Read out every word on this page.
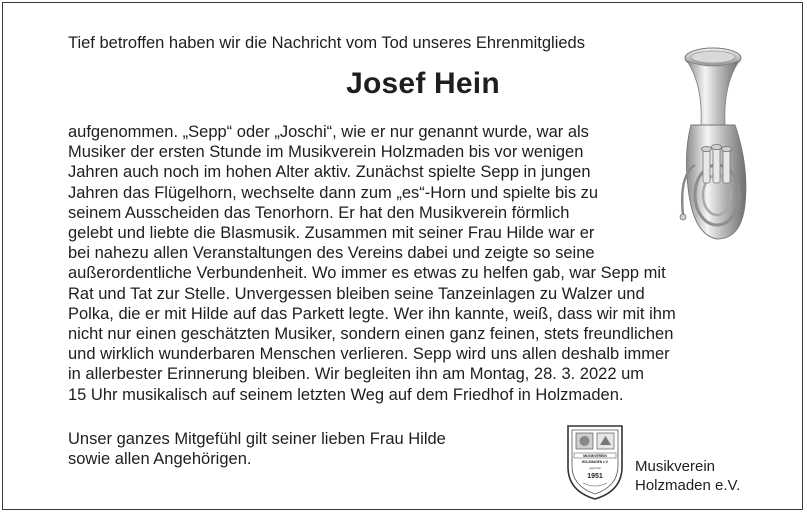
Tief betroffen haben wir die Nachricht vom Tod unseres Ehrenmitglieds
Josef Hein
aufgenommen. „Sepp“ oder „Joschi“, wie er nur genannt wurde, war als
Musiker der ersten Stunde im Musikverein Holzmaden bis vor wenigen
Jahren auch noch im hohen Alter aktiv. Zunächst spielte Sepp in jungen
Jahren das Flügelhorn, wechselte dann zum „es“-Horn und spielte bis zu
seinem Ausscheiden das Tenorhorn. Er hat den Musikverein förmlich
gelebt und liebte die Blasmusik. Zusammen mit seiner Frau Hilde war er
bei nahezu allen Veranstaltungen des Vereins dabei und zeigte so seine
außerordentliche Verbundenheit. Wo immer es etwas zu helfen gab, war Sepp mit
Rat und Tat zur Stelle. Unvergessen bleiben seine Tanzeinlagen zu Walzer und
Polka, die er mit Hilde auf das Parkett legte. Wer ihn kannte, weiß, dass wir mit ihm
nicht nur einen geschätzten Musiker, sondern einen ganz feinen, stets freundlichen
und wirklich wunderbaren Menschen verlieren. Sepp wird uns allen deshalb immer
in allerbester Erinnerung bleiben. Wir begleiten ihn am Montag, 28. 3. 2022 um
15 Uhr musikalisch auf seinem letzten Weg auf dem Friedhof in Holzmaden.
Unser ganzes Mitgefühl gilt seiner lieben Frau Hilde
sowie allen Angehörigen.	MUSIKVEREIN
HOLZMADEN e.V.
gegründet
1951
Musikverein
Holzmaden e.V.
